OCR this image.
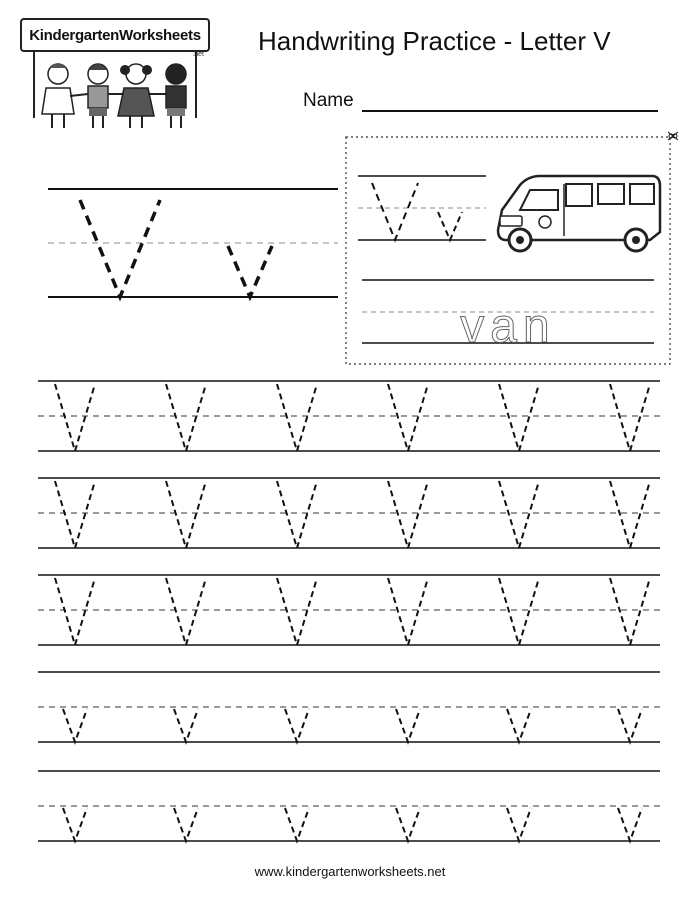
KindergartenWorksheets
.net Handwriting Practice - Letter V
Name
van
www.kindergartenworksheets.net
